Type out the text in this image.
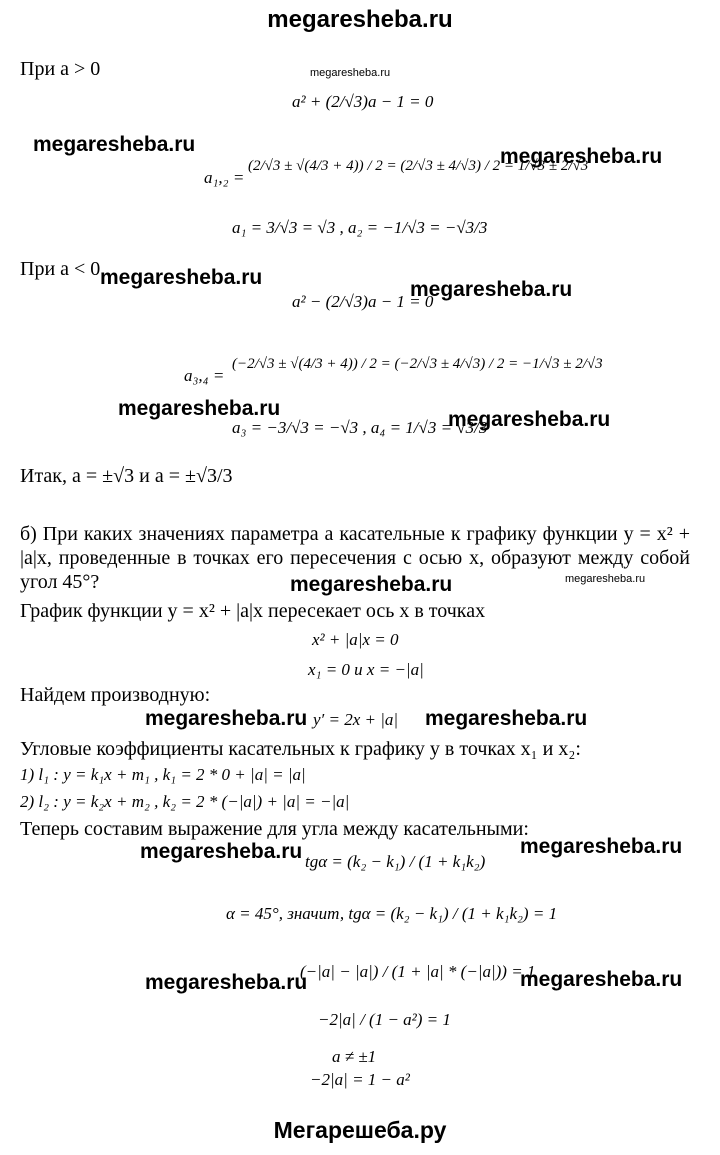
megaresheba.ru
Мегарешеба.ру
megaresheba.ru
megaresheba.ru
megaresheba.ru
megaresheba.ru
megaresheba.ru
megaresheba.ru	megaresheba.ru
megaresheba.ru	megaresheba.ru
megaresheba.ru	megaresheba.ru
megaresheba.ru	megaresheba.ru
megaresheba.ru	megaresheba.ru
При a > 0
a² + (2/√3)a − 1 = 0
a₁,₂ =
(2/√3 ± √(4/3 + 4)) / 2 = (2/√3 ± 4/√3) / 2 = 1/√3 ± 2/√3
a₁ = 3/√3 = √3 , a₂ = −1/√3 = −√3/3
При a < 0
a² − (2/√3)a − 1 = 0
a₃,₄ =
(−2/√3 ± √(4/3 + 4)) / 2 = (−2/√3 ± 4/√3) / 2 = −1/√3 ± 2/√3
a₃ = −3/√3 = −√3 , a₄ = 1/√3 = √3/3
Итак, a = ±√3 и a = ±√3/3
б) При каких значениях параметра a касательные к графику функции y = x² + |a|x, проведенные в точках его пересечения с осью x, образуют между собой угол 45°?
График функции y = x² + |a|x пересекает ось x в точках
x² + |a|x = 0
x₁ = 0 и x = −|a|
Найдем производную:
y′ = 2x + |a|
Угловые коэффициенты касательных к графику y в точках x₁ и x₂:
1) l₁ : y = k₁x + m₁ , k₁ = 2 * 0 + |a| = |a|
2) l₂ : y = k₂x + m₂ , k₂ = 2 * (−|a|) + |a| = −|a|
Теперь составим выражение для угла между касательными:
tgα = (k₂ − k₁) / (1 + k₁k₂)
α = 45°, значит, tgα = (k₂ − k₁) / (1 + k₁k₂) = 1
(−|a| − |a|) / (1 + |a| * (−|a|)) = 1
−2|a| / (1 − a²) = 1
a ≠ ±1
−2|a| = 1 − a²
